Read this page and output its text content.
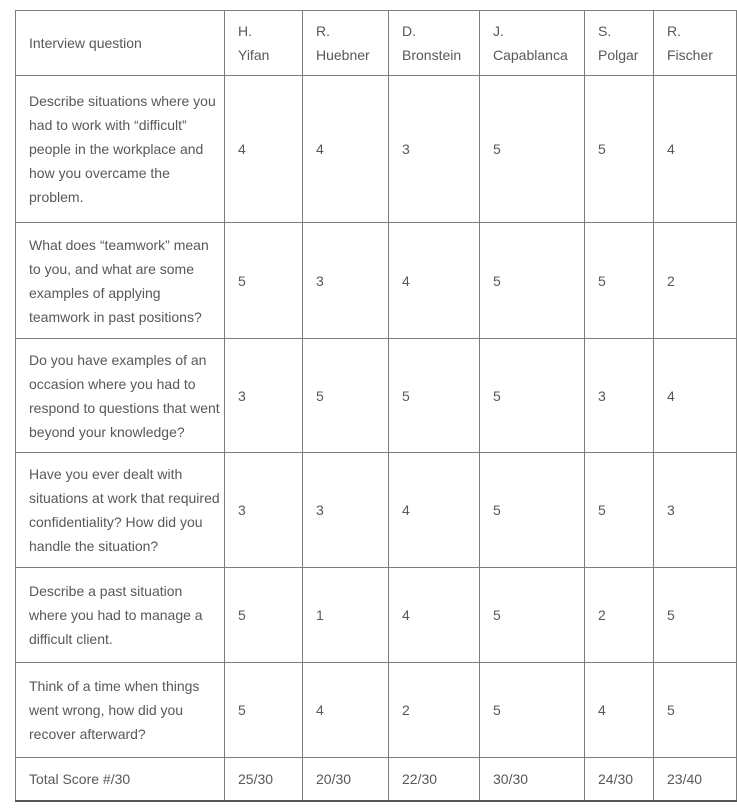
Interview question	H. Yifan	R. Huebner	D. Bronstein	J. Capablanca	S. Polgar	R. Fischer

Describe situations where you had to work with “difficult” people in the workplace and how you overcame the problem.	4	4	3	5	5	4
What does “teamwork” mean to you, and what are some examples of applying teamwork in past positions?	5	3	4	5	5	2
Do you have examples of an occasion where you had to respond to questions that went beyond your knowledge?	3	5	5	5	3	4
Have you ever dealt with situations at work that required confidentiality? How did you handle the situation?	3	3	4	5	5	3
Describe a past situation where you had to manage a difficult client.	5	1	4	5	2	5
Think of a time when things went wrong, how did you recover afterward?	5	4	2	5	4	5
Total Score #/30	25/30	20/30	22/30	30/30	24/30	23/40
